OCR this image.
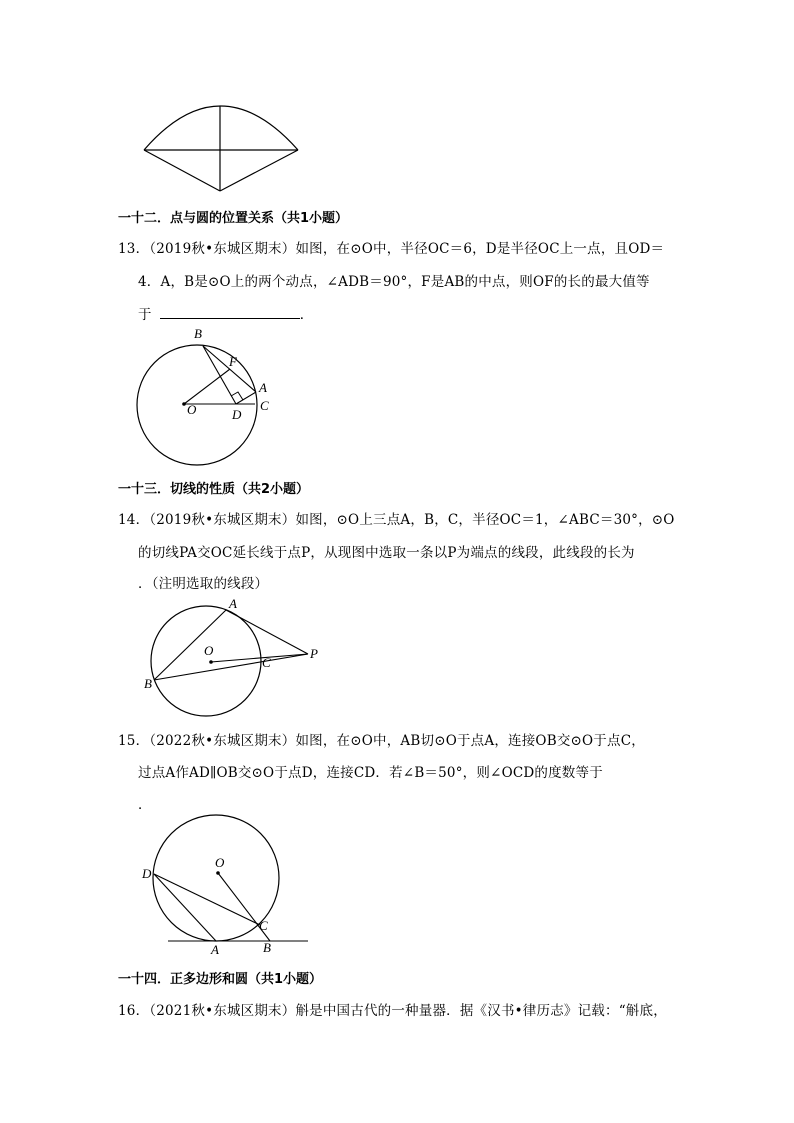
一十二．点与圆的位置关系（共1小题）
13．（2019秋•东城区期末）如图，在⊙O中，半径OC＝6，D是半径OC上一点，且OD＝
4．A，B是⊙O上的两个动点，∠ADB＝90°，F是AB的中点，则OF的长的最大值等
于	．
B
F
A
O	D
C
一十三．切线的性质（共2小题）
14．（2019秋•东城区期末）如图，⊙O上三点A，B，C，半径OC＝1，∠ABC＝30°，⊙O
的切线PA交OC延长线于点P，从现图中选取一条以P为端点的线段，此线段的长为
．（注明选取的线段）
A
O
C
P
B
15．（2022秋•东城区期末）如图，在⊙O中，AB切⊙O于点A，连接OB交⊙O于点C，
过点A作AD∥OB交⊙O于点D，连接CD．若∠B＝50°，则∠OCD的度数等于
．
D
O
C
A	B
一十四．正多边形和圆（共1小题）
16．（2021秋•东城区期末）斛是中国古代的一种量器．据《汉书•律历志》记载：“斛底，
